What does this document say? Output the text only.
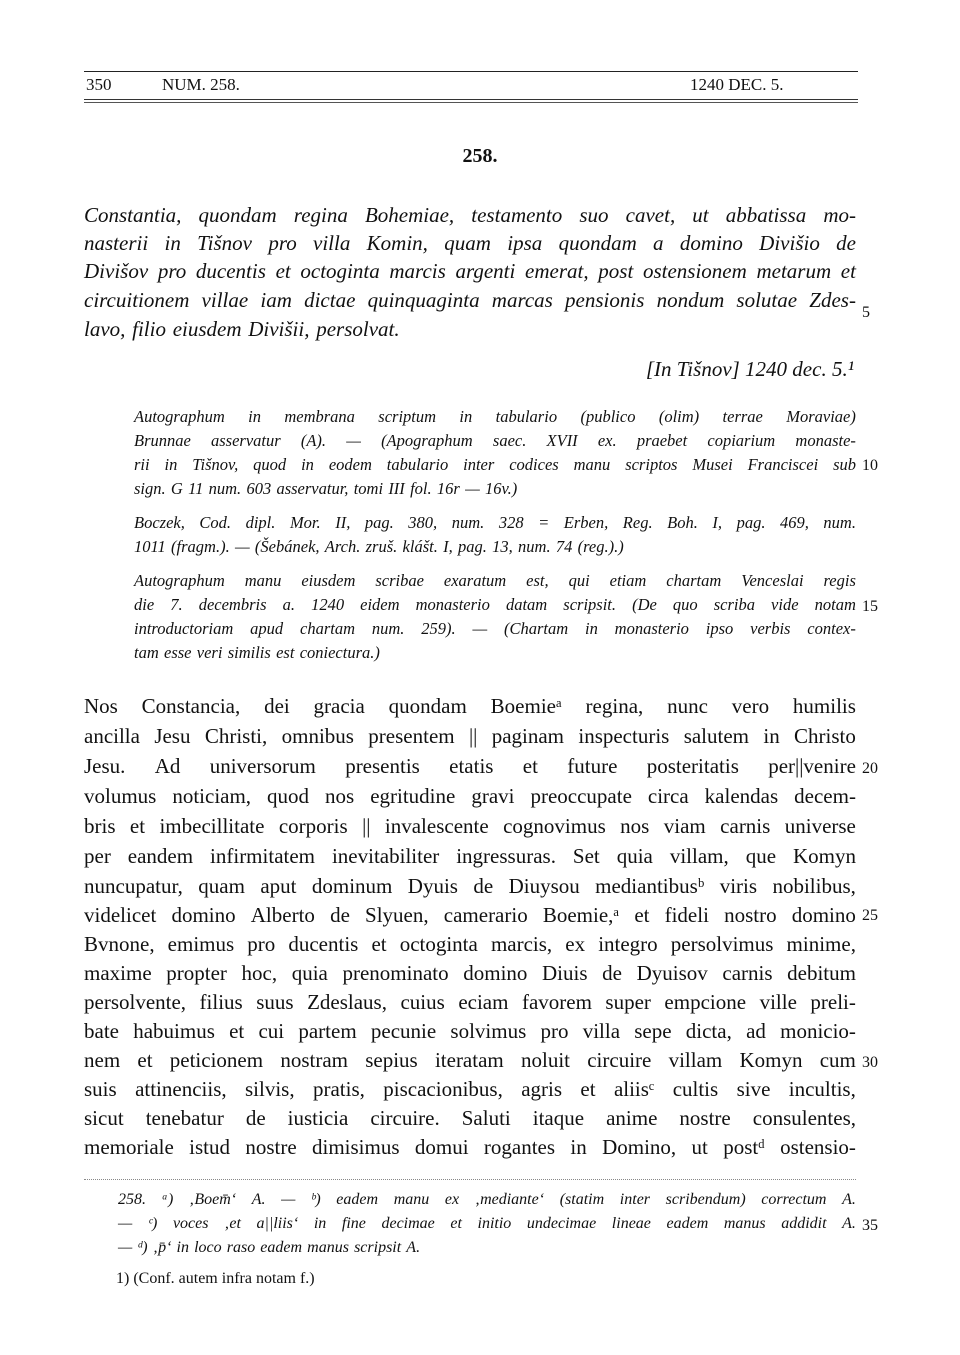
350	NUM. 258.	1240 DEC. 5.
258.
Constantia, quondam regina Bohemiae, testamento suo cavet, ut abbatissa mo-
nasterii in Tišnov pro villa Komin, quam ipsa quondam a domino Divišio de
Divišov pro ducentis et octoginta marcis argenti emerat, post ostensionem metarum et
circuitionem villae iam dictae quinquaginta marcas pensionis nondum solutae Zdes-
lavo, filio eiusdem Divišii, persolvat.
[In Tišnov] 1240 dec. 5.¹
Autographum in membrana scriptum in tabulario (publico (olim) terrae Moraviae)
Brunnae asservatur (A). — (Apographum saec. XVII ex. praebet copiarium monaste-
rii in Tišnov, quod in eodem tabulario inter codices manu scriptos Musei Franciscei sub
sign. G 11 num. 603 asservatur, tomi III fol. 16r — 16v.)
Boczek, Cod. dipl. Mor. II, pag. 380, num. 328 = Erben, Reg. Boh. I, pag. 469, num.
1011 (fragm.). — (Šebánek, Arch. zruš. klášt. I, pag. 13, num. 74 (reg.).)
Autographum manu eiusdem scribae exaratum est, qui etiam chartam Venceslai regis
die 7. decembris a. 1240 eidem monasterio datam scripsit. (De quo scriba vide notam
introductoriam apud chartam num. 259). — (Chartam in monasterio ipso verbis contex-
tam esse veri similis est coniectura.)
Nos Constancia, dei gracia quondam Boemieᵃ regina, nunc vero humilis
ancilla Jesu Christi, omnibus presentem || paginam inspecturis salutem in Christo
Jesu. Ad universorum presentis etatis et future posteritatis per||venire
volumus noticiam, quod nos egritudine gravi preoccupate circa kalendas decem-
bris et imbecillitate corporis || invalescente cognovimus nos viam carnis universe
per eandem infirmitatem inevitabiliter ingressuras. Set quia villam, que Komyn
nuncupatur, quam aput dominum Dyuis de Diuysou mediantibusᵇ viris nobilibus,
videlicet domino Alberto de Slyuen, camerario Boemie,ᵃ et fideli nostro domino
Bvnone, emimus pro ducentis et octoginta marcis, ex integro persolvimus minime,
maxime propter hoc, quia prenominato domino Diuis de Dyuisov carnis debitum
persolvente, filius suus Zdeslaus, cuius eciam favorem super empcione ville preli-
bate habuimus et cui partem pecunie solvimus pro villa sepe dicta, ad monicio-
nem et peticionem nostram sepius iteratam noluit circuire villam Komyn cum
suis attinenciis, silvis, pratis, piscacionibus, agris et aliisᶜ cultis sive incultis,
sicut tenebatur de iusticia circuire. Saluti itaque anime nostre consulentes,
memoriale istud nostre dimisimus domui rogantes in Domino, ut postᵈ ostensio-
258. ᵃ) ‚Boem̄‘ A. — ᵇ) eadem manu ex ‚mediante‘ (statim inter scribendum) correctum A.
— ᶜ) voces ‚et a||liis‘ in fine decimae et initio undecimae lineae eadem manus addidit A.
— ᵈ) ‚p̄‘ in loco raso eadem manus scripsit A.
1) (Conf. autem infra notam f.)
5
10
15
20
25
30
35
